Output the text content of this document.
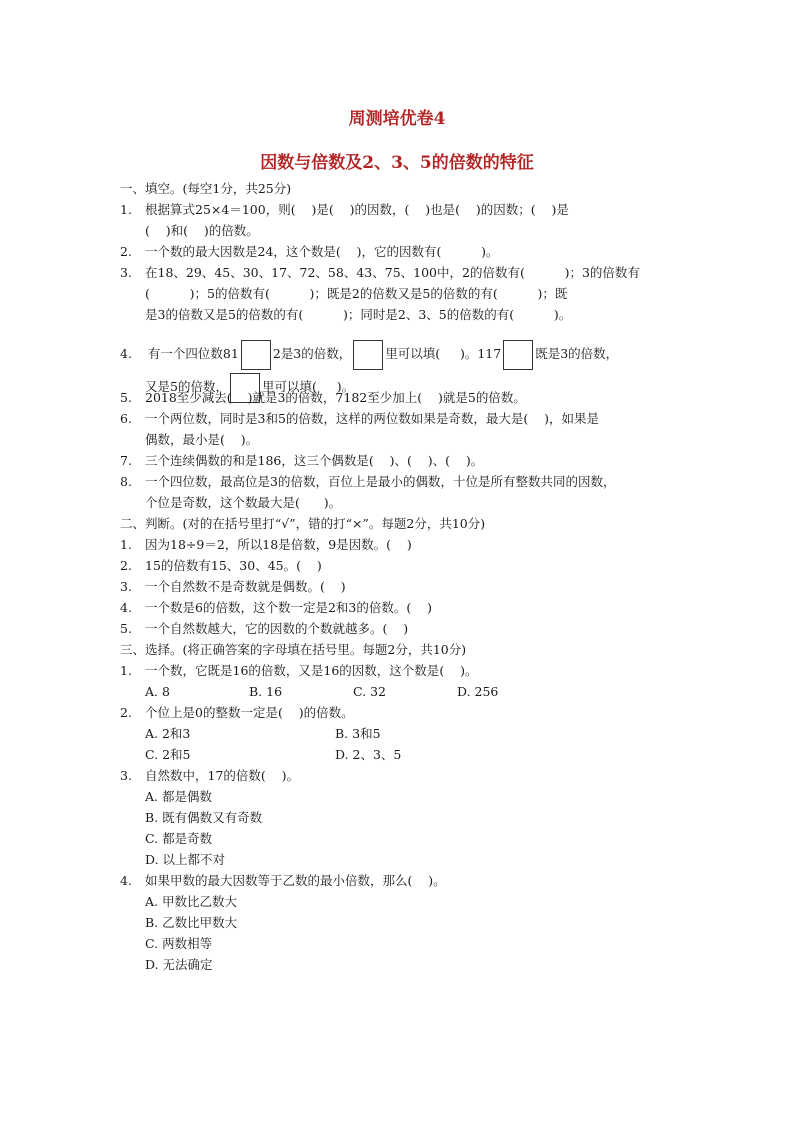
周测培优卷4
因数与倍数及2、3、5的倍数的特征
一、填空。(每空1分，共25分)
1. 根据算式25×4＝100，则(    )是(    )的因数，(    )也是(    )的因数；(    )是
(    )和(    )的倍数。
2. 一个数的最大因数是24，这个数是(    )，它的因数有(          )。
3. 在18、29、45、30、17、72、58、43、75、100中，2的倍数有(          )；3的倍数有
(          )；5的倍数有(          )；既是2的倍数又是5的倍数的有(          )；既
是3的倍数又是5的倍数的有(          )；同时是2、3、5的倍数的有(          )。
4. 有一个四位数81	2是3的倍数，	里可以填(     )。117	既是3的倍数，
又是5的倍数，	里可以填(     )。
5. 2018至少减去(    )就是3的倍数，7182至少加上(    )就是5的倍数。
6. 一个两位数，同时是3和5的倍数，这样的两位数如果是奇数，最大是(    )，如果是
偶数，最小是(    )。
7. 三个连续偶数的和是186，这三个偶数是(    )、(    )、(    )。
8. 一个四位数，最高位是3的倍数，百位上是最小的偶数，十位是所有整数共同的因数，
个位是奇数，这个数最大是(      )。
二、判断。(对的在括号里打“√”，错的打“×”。每题2分，共10分)
1. 因为18÷9＝2，所以18是倍数，9是因数。(    )
2. 15的倍数有15、30、45。(    )
3. 一个自然数不是奇数就是偶数。(    )
4. 一个数是6的倍数，这个数一定是2和3的倍数。(    )
5. 一个自然数越大，它的因数的个数就越多。(    )
三、选择。(将正确答案的字母填在括号里。每题2分，共10分)
1. 一个数，它既是16的倍数，又是16的因数，这个数是(    )。
A. 8	B. 16	C. 32	D. 256
2. 个位上是0的整数一定是(    )的倍数。
A. 2和3	B. 3和5
C. 2和5	D. 2、3、5
3. 自然数中，17的倍数(    )。
A. 都是偶数
B. 既有偶数又有奇数
C. 都是奇数
D. 以上都不对
4. 如果甲数的最大因数等于乙数的最小倍数，那么(    )。
A. 甲数比乙数大
B. 乙数比甲数大
C. 两数相等
D. 无法确定
